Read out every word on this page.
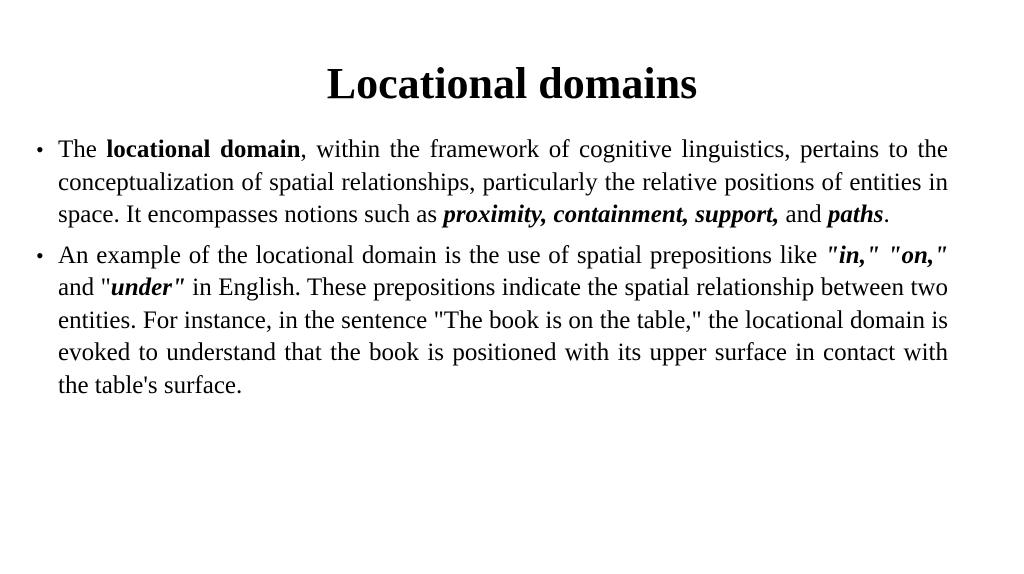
Locational domains
• The locational domain, within the framework of cognitive linguistics, pertains to the conceptualization of spatial relationships, particularly the relative positions of entities in space. It encompasses notions such as proximity, containment, support, and paths.
• An example of the locational domain is the use of spatial prepositions like "in," "on," and "under" in English. These prepositions indicate the spatial relationship between two entities. For instance, in the sentence "The book is on the table," the locational domain is evoked to understand that the book is positioned with its upper surface in contact with the table's surface.
